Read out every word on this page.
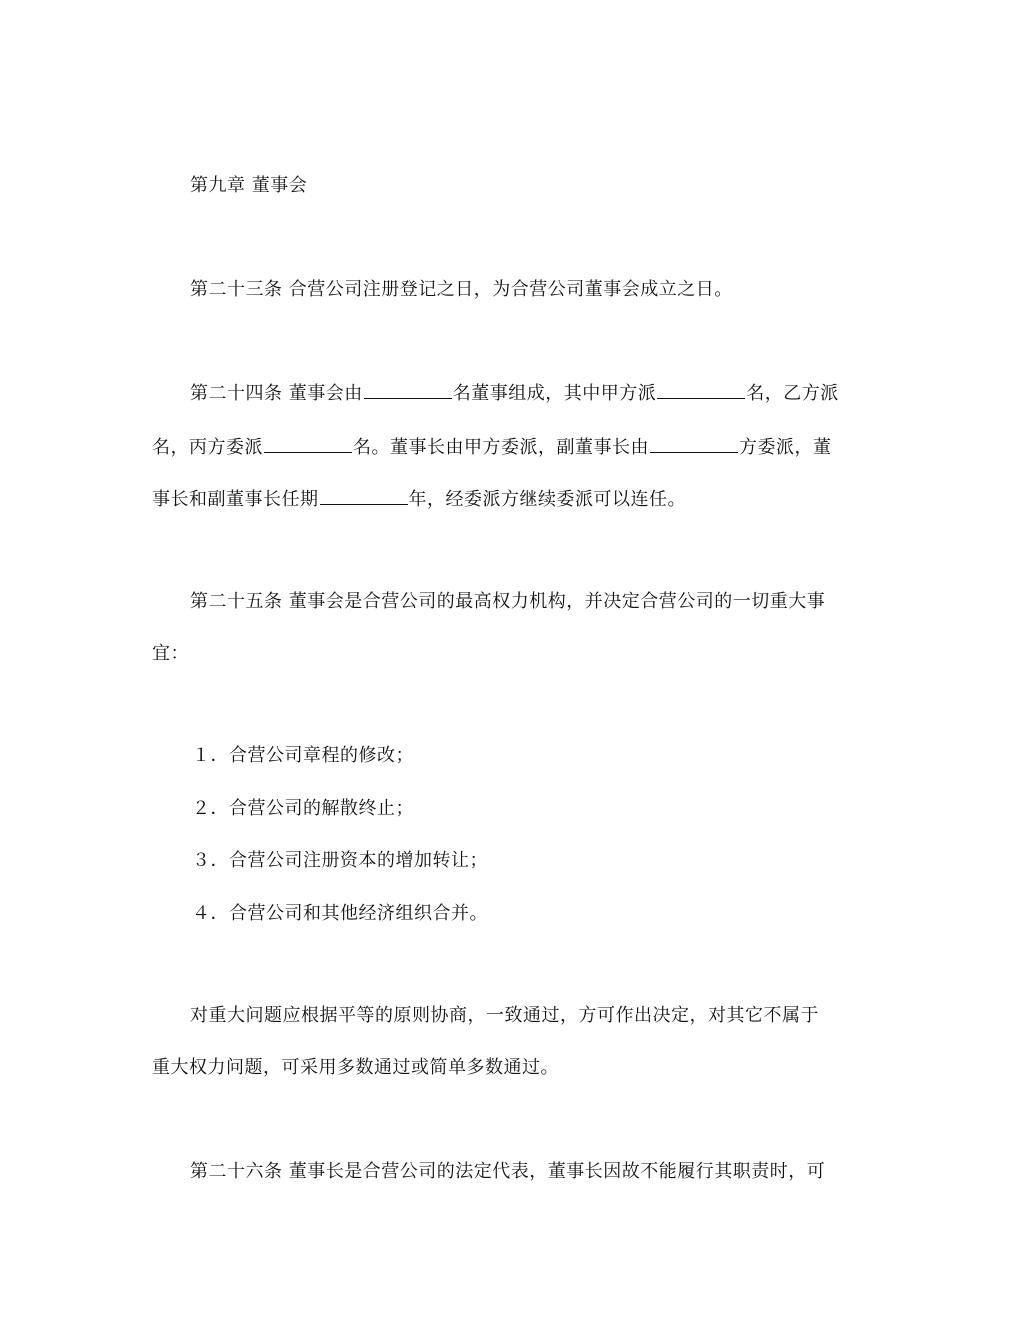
第九章 董事会
第二十三条 合营公司注册登记之日，为合营公司董事会成立之日。
第二十四条 董事会由	名董事组成，其中甲方派	名，乙方派
名，丙方委派	名。董事长由甲方委派，副董事长由	方委派，董
事长和副董事长任期	年，经委派方继续委派可以连任。
第二十五条 董事会是合营公司的最高权力机构，并决定合营公司的一切重大事
宜：
１．合营公司章程的修改；
２．合营公司的解散终止；
３．合营公司注册资本的增加转让；
４．合营公司和其他经济组织合并。
对重大问题应根据平等的原则协商，一致通过，方可作出决定，对其它不属于
重大权力问题，可采用多数通过或简单多数通过。
第二十六条 董事长是合营公司的法定代表，董事长因故不能履行其职责时，可
